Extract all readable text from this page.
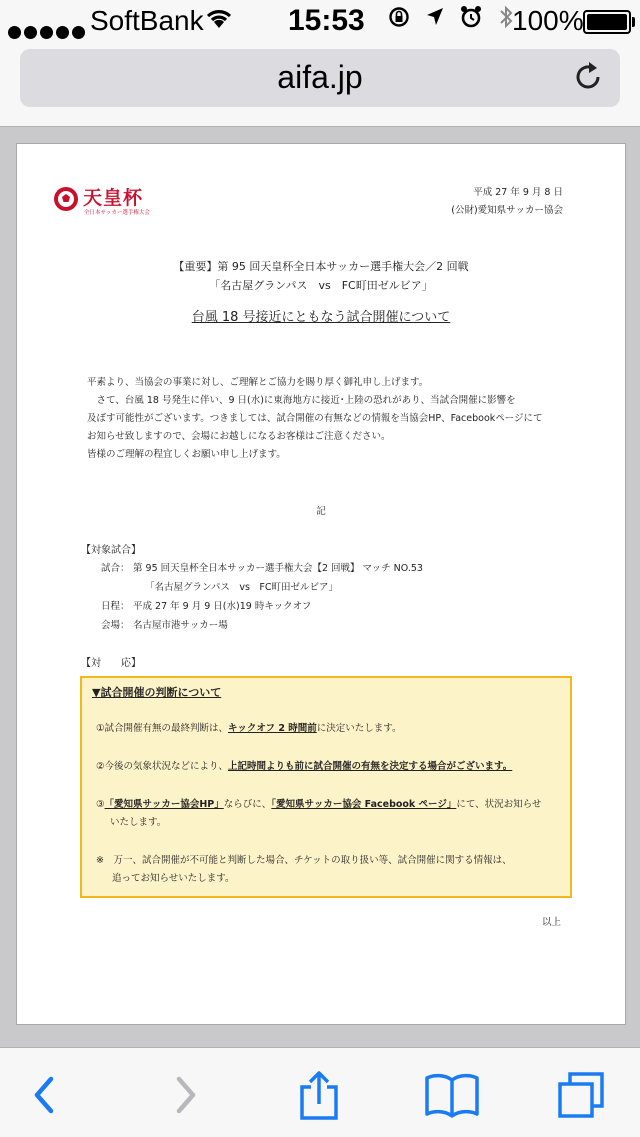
SoftBank	15:53
	100%
aifa.jp
天皇杯
全日本サッカー選手権大会
平成 27 年 9 月 8 日
(公財)愛知県サッカー協会
【重要】第 95 回天皇杯全日本サッカー選手権大会／2 回戦
「名古屋グランパス　vs　FC町田ゼルビア」
台風 18 号接近にともなう試合開催について
平素より、当協会の事業に対し、ご理解とご協力を賜り厚く御礼申し上げます。
　さて、台風 18 号発生に伴い、9 日(水)に東海地方に接近･上陸の恐れがあり、当試合開催に影響を
及ぼす可能性がございます。つきましては、試合開催の有無などの情報を当協会HP、Facebookページにて
お知らせ致しますので、会場にお越しになるお客様はご注意ください。
皆様のご理解の程宜しくお願い申し上げます。
記
【対象試合】
試合： 第 95 回天皇杯全日本サッカー選手権大会【2 回戦】 マッチ NO.53
「名古屋グランパス　vs　FC町田ゼルビア」
日程： 平成 27 年 9 月 9 日(水)19 時キックオフ
会場： 名古屋市港サッカー場
【対　　応】
▼試合開催の判断について
①試合開催有無の最終判断は、キックオフ 2 時間前に決定いたします。
②今後の気象状況などにより、上記時間よりも前に試合開催の有無を決定する場合がございます。
③「愛知県サッカー協会HP」ならびに、「愛知県サッカー協会 Facebook ページ」にて、状況お知らせ
いたします。
※　万一、試合開催が不可能と判断した場合、チケットの取り扱い等、試合開催に関する情報は、
追ってお知らせいたします。
以上
